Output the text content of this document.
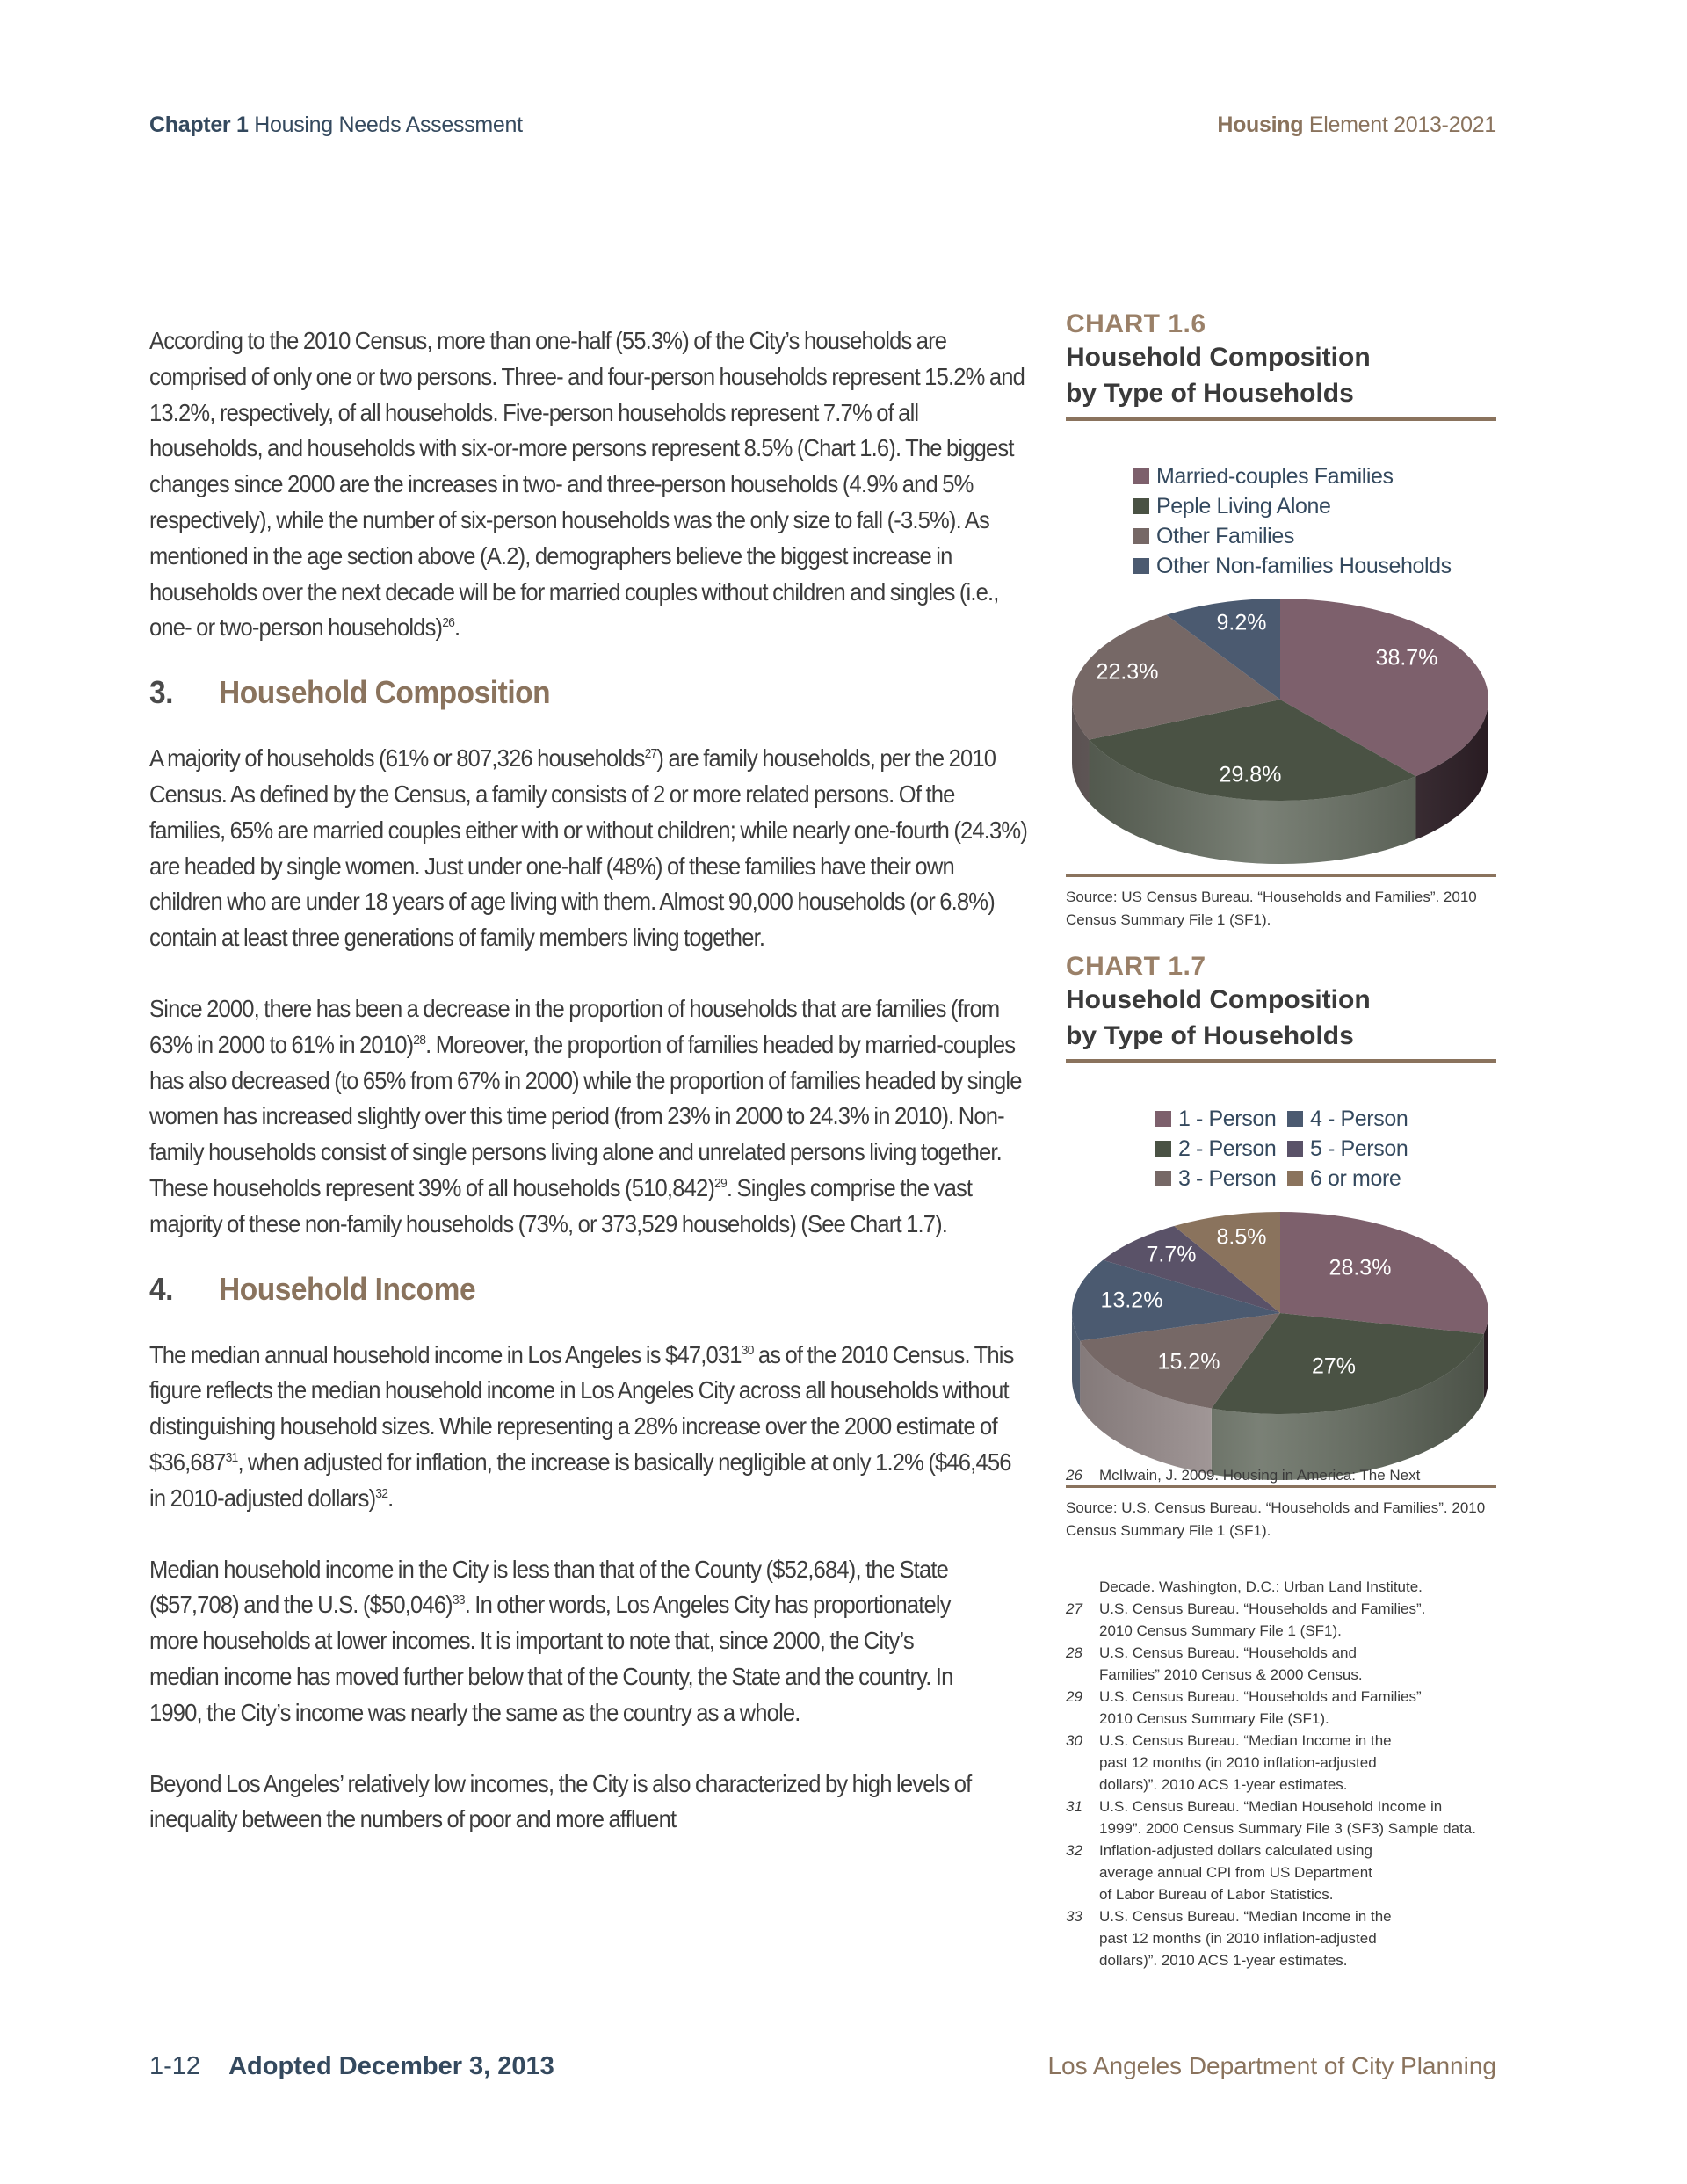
Chapter 1 Housing Needs Assessment	Housing Element 2013-2021

According to the 2010 Census, more than one-half (55.3%) of the City’s households are comprised of only one or two persons. Three- and four-person households represent 15.2% and 13.2%, respectively, of all households. Five-person households represent 7.7% of all households, and households with six-or-more persons represent 8.5% (Chart 1.6). The biggest changes since 2000 are the increases in two- and three-person households (4.9% and 5% respectively), while the number of six-person households was the only size to fall (-3.5%). As mentioned in the age section above (A.2), demographers believe the biggest increase in households over the next decade will be for married couples without children and singles (i.e., one- or two-person households)$^{26}$.

3.	Household Composition

A majority of households (61% or 807,326 households$^{27}$) are family households, per the 2010 Census. As defined by the Census, a family consists of 2 or more related persons. Of the families, 65% are married couples either with or without children; while nearly one-fourth (24.3%) are headed by single women. Just under one-half (48%) of these families have their own children who are under 18 years of age living with them. Almost 90,000 households (or 6.8%) contain at least three generations of family members living together.

Since 2000, there has been a decrease in the proportion of households that are families (from 63% in 2000 to 61% in 2010)$^{28}$. Moreover, the proportion of families headed by married-couples has also decreased (to 65% from 67% in 2000) while the proportion of families headed by single women has increased slightly over this time period (from 23% in 2000 to 24.3% in 2010). Non-family households consist of single persons living alone and unrelated persons living together. These households represent 39% of all households $(510,842)^{29}$. Singles comprise the vast majority of these non-family households (73%, or 373,529 households) (See Chart 1.7).

4.	Household Income

The median annual household income in Los Angeles is $47,031$^{30}$ as of the 2010 Census. This figure reflects the median household income in Los Angeles City across all households without distinguishing household sizes. While representing a 28% increase over the 2000 estimate of $36,687$^{31}$, when adjusted for inflation, the increase is basically negligible at only 1.2% ($46,456 in 2010-adjusted dollars)$^{32}$.

Median household income in the City is less than that of the County ($52,684), the State ($57,708) and the U.S. ($50,046)$^{33}$. In other words, Los Angeles City has proportionately more households at lower incomes. It is important to note that, since 2000, the City’s median income has moved further below that of the County, the State and the country. In 1990, the City’s income was nearly the same as the country as a whole.

Beyond Los Angeles’ relatively low incomes, the City is also characterized by high levels of inequality between the numbers of poor and more affluent

CHART 1.6
Household Composition
by Type of Households
Married-couples Families
Peple Living Alone
Other Families
Other Non-families Households
38.7%
29.8%
22.3%
9.2%
Source: US Census Bureau. “Households and Families”. 2010 Census Summary File 1 (SF1).
CHART 1.7
Household Composition
by Type of Households
1 - Person 4 - Person
2 - Person 5 - Person
3 - Person 6 or more
28.3%
27%
15.2%
13.2%
7.7%
8.5%
26	McIlwain, J. 2009. Housing in America: The Next
Source: U.S. Census Bureau. “Households and Families”. 2010 Census Summary File 1 (SF1).
Decade. Washington, D.C.: Urban Land Institute.
27	U.S. Census Bureau. “Households and Families”.
2010 Census Summary File 1 (SF1).
28	U.S. Census Bureau. “Households and
Families” 2010 Census & 2000 Census.
29	U.S. Census Bureau. “Households and Families”
2010 Census Summary File (SF1).
30	U.S. Census Bureau. “Median Income in the
past 12 months (in 2010 inflation-adjusted
dollars)”. 2010 ACS 1-year estimates.
31	U.S. Census Bureau. “Median Household Income in
1999”. 2000 Census Summary File 3 (SF3) Sample data.
32	Inflation-adjusted dollars calculated using
average annual CPI from US Department
of Labor Bureau of Labor Statistics.
33	U.S. Census Bureau. “Median Income in the
past 12 months (in 2010 inflation-adjusted
dollars)”. 2010 ACS 1-year estimates.
1-12 Adopted December 3, 2013	Los Angeles Department of City Planning
